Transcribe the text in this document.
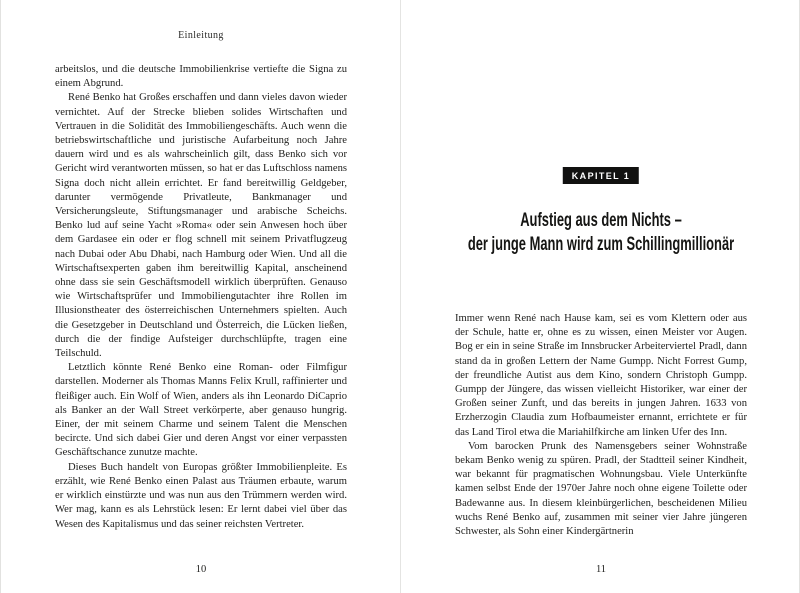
Einleitung

arbeitslos, und die deutsche Immobilienkrise vertiefte die Signa zu einem Abgrund.

René Benko hat Großes erschaffen und dann vieles davon wieder vernichtet. Auf der Strecke blieben solides Wirtschaften und Vertrauen in die Solidität des Immobiliengeschäfts. Auch wenn die betriebswirtschaftliche und juristische Aufarbeitung noch Jahre dauern wird und es als wahrscheinlich gilt, dass Benko sich vor Gericht wird verantworten müssen, so hat er das Luftschloss namens Signa doch nicht allein errichtet. Er fand bereitwillig Geldgeber, darunter vermögende Privatleute, Bankmanager und Versicherungsleute, Stiftungsmanager und arabische Scheichs. Benko lud auf seine Yacht »Roma« oder sein Anwesen hoch über dem Gardasee ein oder er flog schnell mit seinem Privatflugzeug nach Dubai oder Abu Dhabi, nach Hamburg oder Wien. Und all die Wirtschaftsexperten gaben ihm bereitwillig Kapital, anscheinend ohne dass sie sein Geschäftsmodell wirklich überprüften. Genauso wie Wirtschaftsprüfer und Immobiliengutachter ihre Rollen im Illusionstheater des österreichischen Unternehmers spielten. Auch die Gesetzgeber in Deutschland und Österreich, die Lücken ließen, durch die der findige Aufsteiger durchschlüpfte, tragen eine Teilschuld.

Letztlich könnte René Benko eine Roman- oder Filmfigur darstellen. Moderner als Thomas Manns Felix Krull, raffinierter und fleißiger auch. Ein Wolf of Wien, anders als ihn Leonardo DiCaprio als Banker an der Wall Street verkörperte, aber genauso hungrig. Einer, der mit seinem Charme und seinem Talent die Menschen becircte. Und sich dabei Gier und deren Angst vor einer verpassten Geschäftschance zunutze machte.

Dieses Buch handelt von Europas größter Immobilienpleite. Es erzählt, wie René Benko einen Palast aus Träumen erbaute, warum er wirklich einstürzte und was nun aus den Trümmern werden wird. Wer mag, kann es als Lehrstück lesen: Er lernt dabei viel über das Wesen des Kapitalismus und das seiner reichsten Vertreter.

10
KAPITEL 1
Aufstieg aus dem Nichts –
der junge Mann wird zum Schillingmillionär

Immer wenn René nach Hause kam, sei es vom Klettern oder aus der Schule, hatte er, ohne es zu wissen, einen Meister vor Augen. Bog er ein in seine Straße im Innsbrucker Arbeiterviertel Pradl, dann stand da in großen Lettern der Name Gumpp. Nicht Forrest Gump, der freundliche Autist aus dem Kino, sondern Christoph Gumpp. Gumpp der Jüngere, das wissen vielleicht Historiker, war einer der Großen seiner Zunft, und das bereits in jungen Jahren. 1633 von Erzherzogin Claudia zum Hofbaumeister ernannt, errichtete er für das Land Tirol etwa die Mariahilfkirche am linken Ufer des Inn.

Vom barocken Prunk des Namensgebers seiner Wohnstraße bekam Benko wenig zu spüren. Pradl, der Stadtteil seiner Kindheit, war bekannt für pragmatischen Wohnungsbau. Viele Unterkünfte kamen selbst Ende der 1970er Jahre noch ohne eigene Toilette oder Badewanne aus. In diesem kleinbürgerlichen, bescheidenen Milieu wuchs René Benko auf, zusammen mit seiner vier Jahre jüngeren Schwester, als Sohn einer Kindergärtnerin

11
